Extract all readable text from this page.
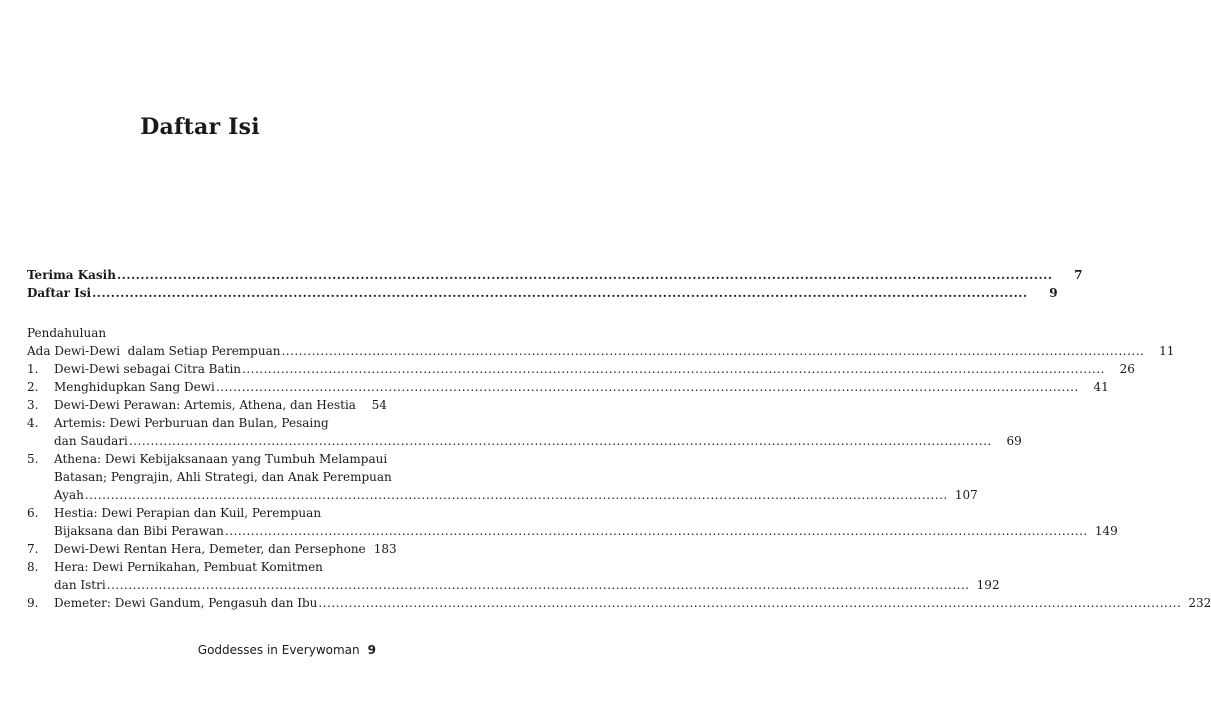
Daftar Isi
Terima Kasih ........................................................................................................................................................................................................	7
Daftar Isi ........................................................................................................................................................................................................	9
Pendahuluan
Ada Dewi-Dewi  dalam Setiap Perempuan ........................................................................................................................................................................................................	11
1.	Dewi-Dewi sebagai Citra Batin ........................................................................................................................................................................................................	26
2.	Menghidupkan Sang Dewi ........................................................................................................................................................................................................	41
3.	Dewi-Dewi Perawan: Artemis, Athena, dan Hestia	54
4. Artemis: Dewi Perburuan dan Bulan, Pesaing
dan Saudari ........................................................................................................................................................................................................	69
5. Athena: Dewi Kebijaksanaan yang Tumbuh Melampaui
Batasan; Pengrajin, Ahli Strategi, dan Anak Perempuan
Ayah ........................................................................................................................................................................................................ 107
6. Hestia: Dewi Perapian dan Kuil, Perempuan
Bijaksana dan Bibi Perawan ........................................................................................................................................................................................................ 149
7.	Dewi-Dewi Rentan Hera, Demeter, dan Persephone 183
8. Hera: Dewi Pernikahan, Pembuat Komitmen
dan Istri ........................................................................................................................................................................................................ 192
9.	Demeter: Dewi Gandum, Pengasuh dan Ibu ........................................................................................................................................................................................................ 232
Goddesses in Everywoman 9
